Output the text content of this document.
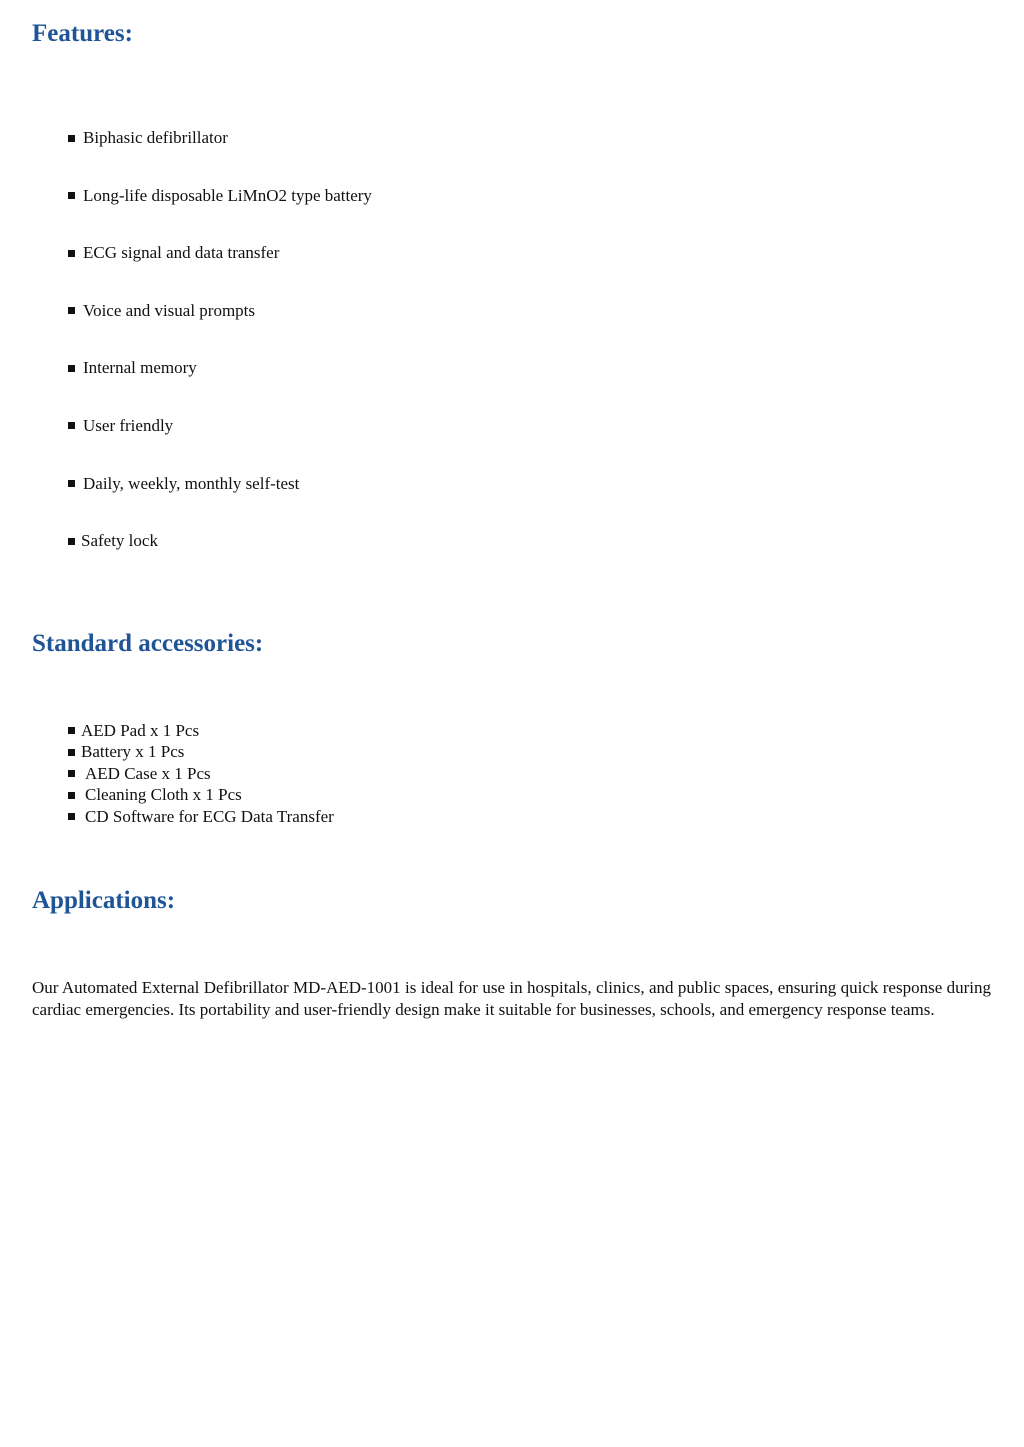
Features:
Biphasic defibrillator
Long-life disposable LiMnO2 type battery
ECG signal and data transfer
Voice and visual prompts
Internal memory
User friendly
Daily, weekly, monthly self-test
Safety lock
Standard accessories:
AED Pad x 1 Pcs
Battery x 1 Pcs
AED Case x 1 Pcs
Cleaning Cloth x 1 Pcs
CD Software for ECG Data Transfer
Applications:

Our Automated External Defibrillator MD-AED-1001 is ideal for use in hospitals, clinics, and public spaces, ensuring quick response during cardiac emergencies. Its portability and user-friendly design make it suitable for businesses, schools, and emergency response teams.
